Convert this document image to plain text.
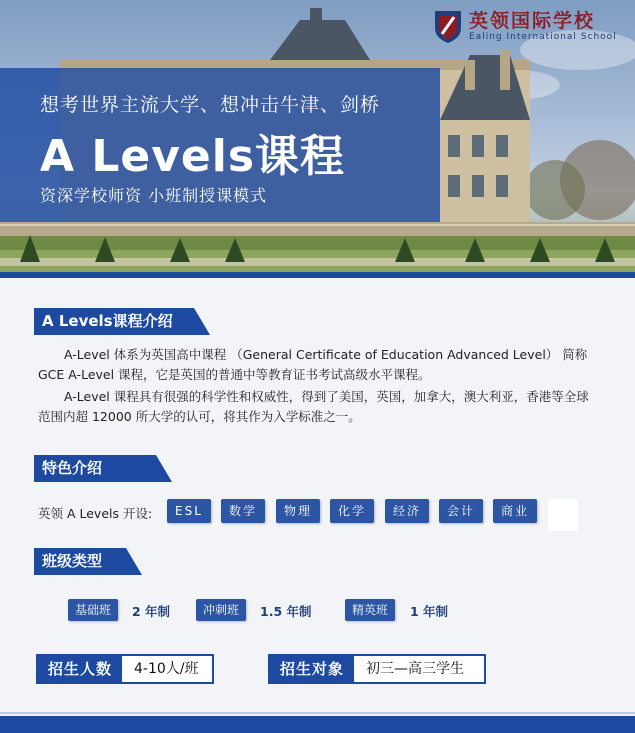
想考世界主流大学、想冲击牛津、剑桥
A Levels课程
资深学校师资 小班制授课模式
英领国际学校
Ealing International School
A Levels课程介绍
A-Level 体系为英国高中课程 （General Certificate of Education Advanced Level） 简称 GCE A-Level 课程，它是英国的普通中等教育证书考试高级水平课程。
A-Level 课程具有很强的科学性和权威性，得到了美国，英国，加拿大，澳大利亚，香港等全球范围内超 12000 所大学的认可，将其作为入学标准之一。
特色介绍
英领 A Levels 开设:	ESL	数学	物理	化学	经济	会计	商业
班级类型
基础班	2 年制	冲刺班	1.5 年制	精英班	1 年制
招生人数	4-10人/班	招生对象	初三—高三学生
